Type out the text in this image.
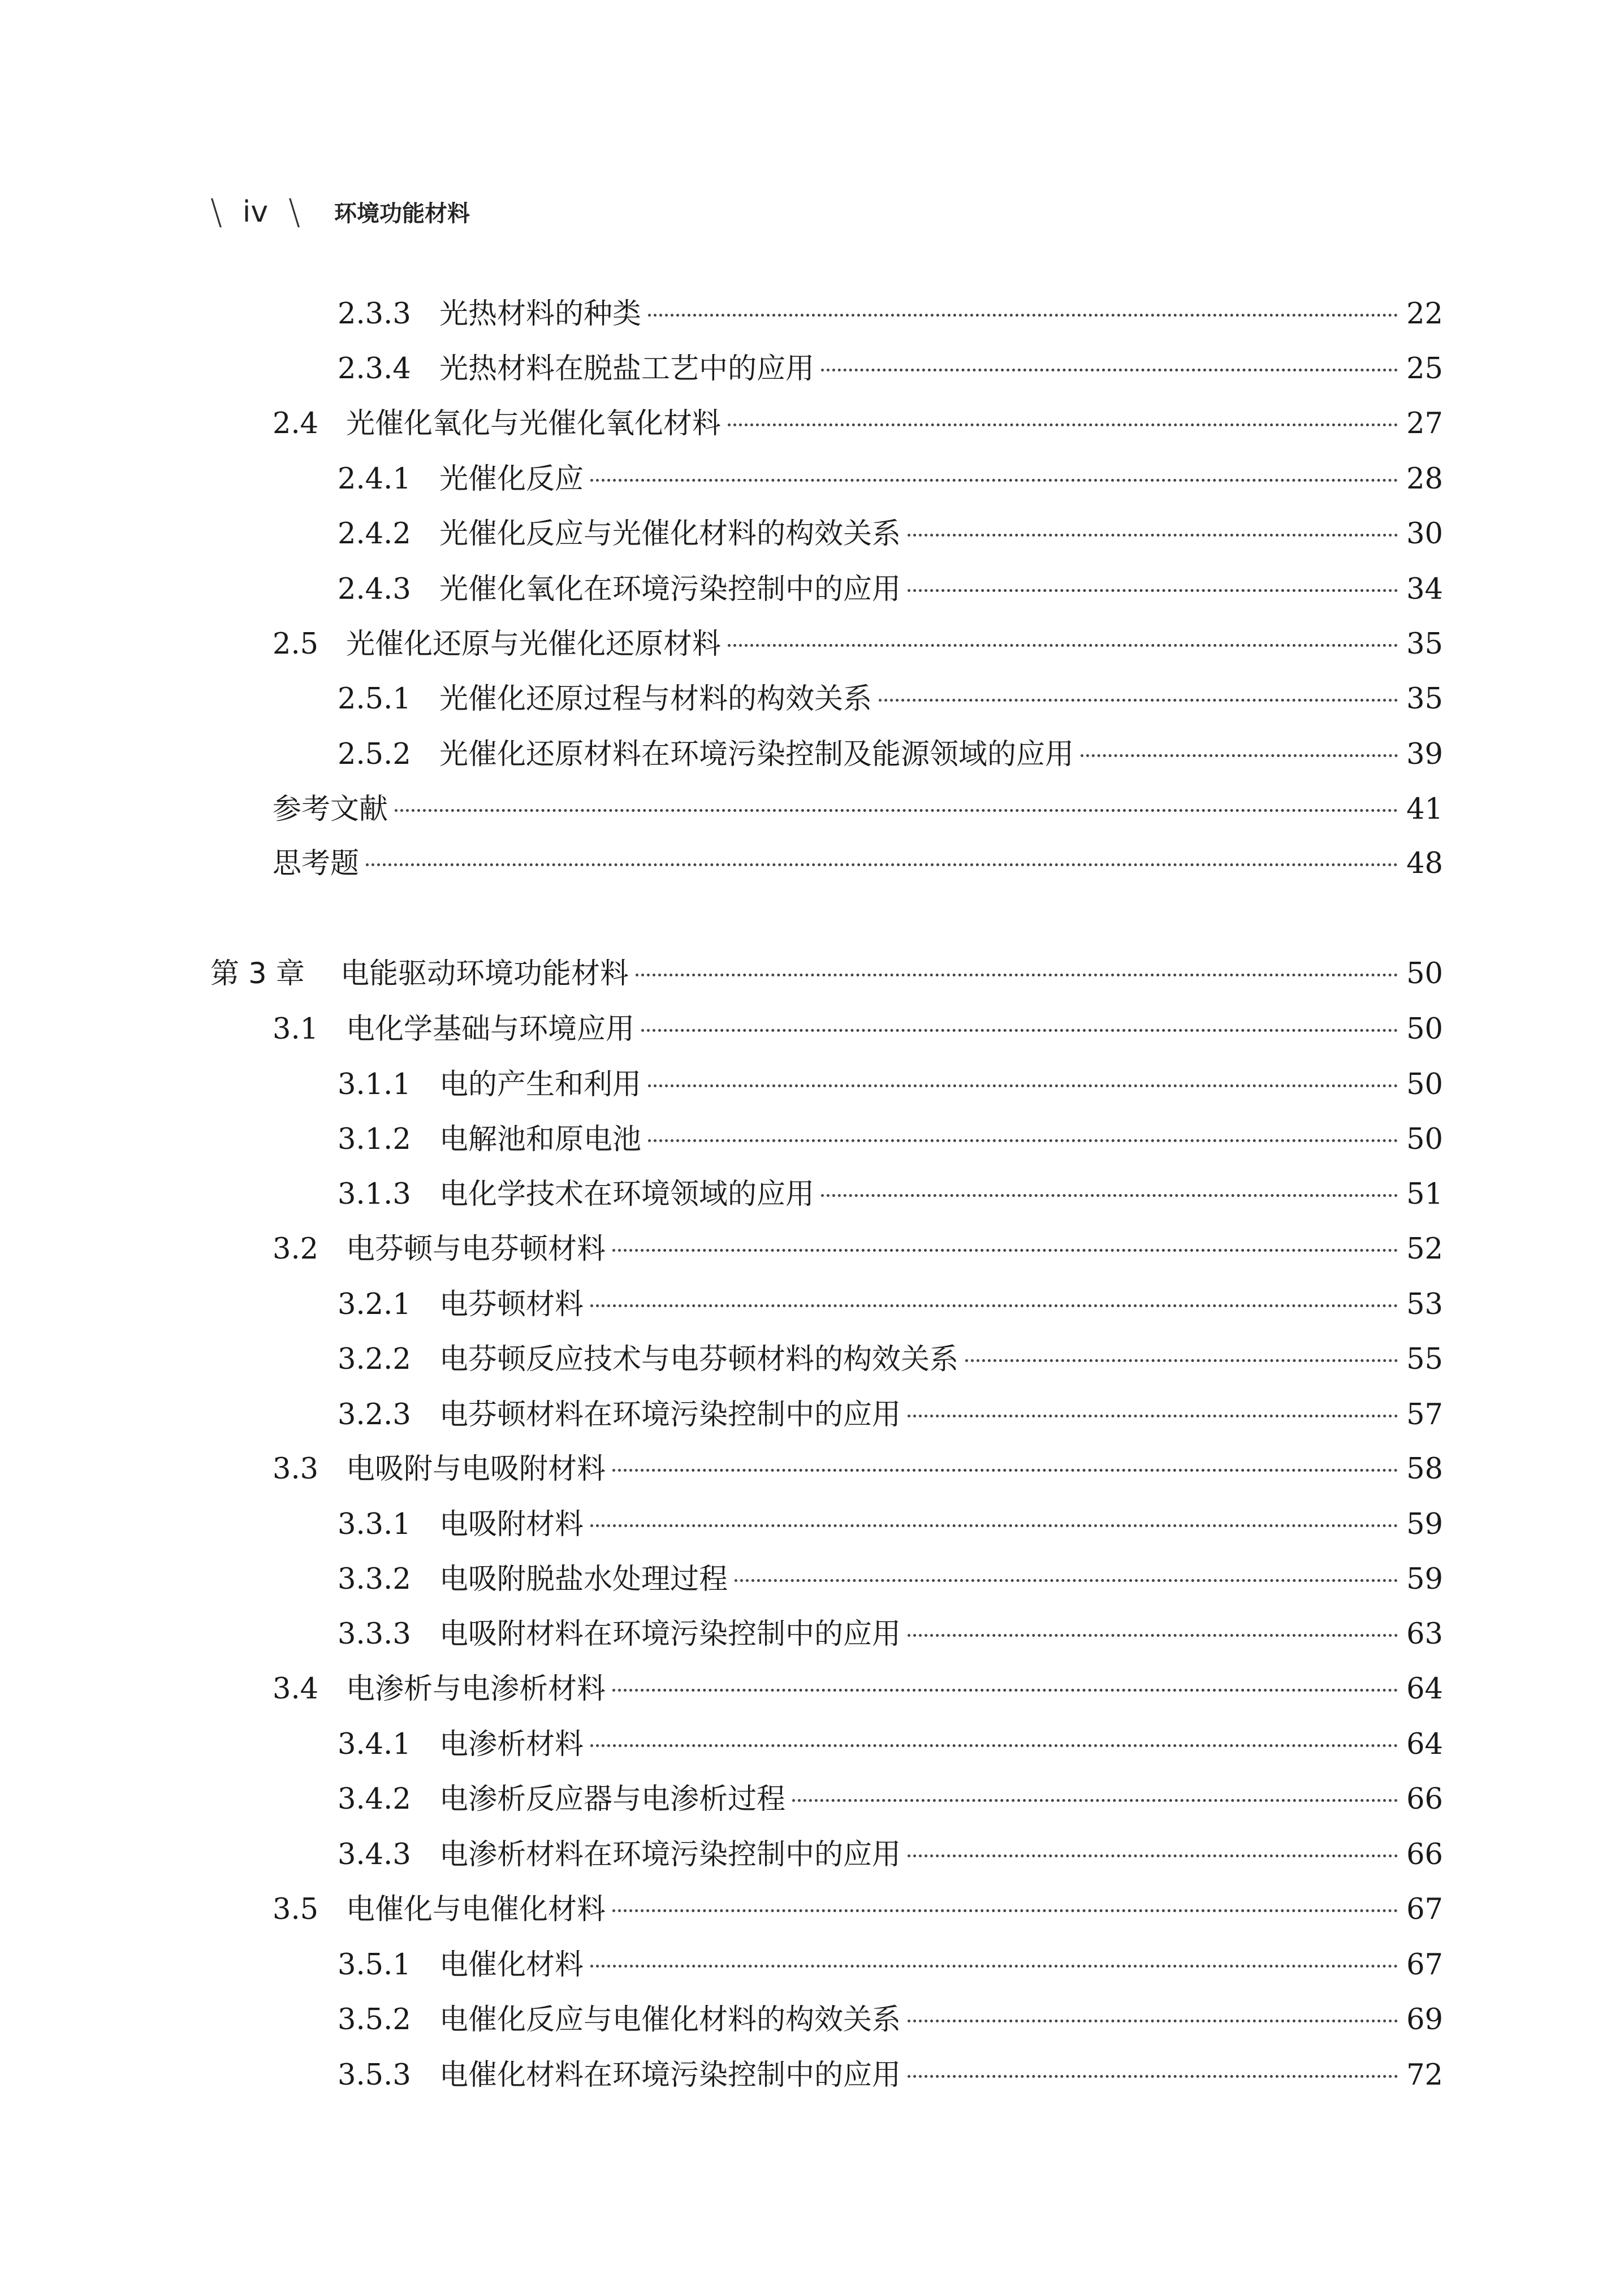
\ iv \ 环境功能材料
2.3.3 光热材料的种类	22
2.3.4 光热材料在脱盐工艺中的应用	25
2.4 光催化氧化与光催化氧化材料	27
2.4.1 光催化反应	28
2.4.2 光催化反应与光催化材料的构效关系	30
2.4.3 光催化氧化在环境污染控制中的应用	34
2.5 光催化还原与光催化还原材料	35
2.5.1 光催化还原过程与材料的构效关系	35
2.5.2 光催化还原材料在环境污染控制及能源领域的应用	39
参考文献	41
思考题	48
第 3 章	电能驱动环境功能材料	50
3.1 电化学基础与环境应用	50
3.1.1 电的产生和利用	50
3.1.2 电解池和原电池	50
3.1.3 电化学技术在环境领域的应用	51
3.2 电芬顿与电芬顿材料	52
3.2.1 电芬顿材料	53
3.2.2 电芬顿反应技术与电芬顿材料的构效关系	55
3.2.3 电芬顿材料在环境污染控制中的应用	57
3.3 电吸附与电吸附材料	58
3.3.1 电吸附材料	59
3.3.2 电吸附脱盐水处理过程	59
3.3.3 电吸附材料在环境污染控制中的应用	63
3.4 电渗析与电渗析材料	64
3.4.1 电渗析材料	64
3.4.2 电渗析反应器与电渗析过程	66
3.4.3 电渗析材料在环境污染控制中的应用	66
3.5 电催化与电催化材料	67
3.5.1 电催化材料	67
3.5.2 电催化反应与电催化材料的构效关系	69
3.5.3 电催化材料在环境污染控制中的应用	72
